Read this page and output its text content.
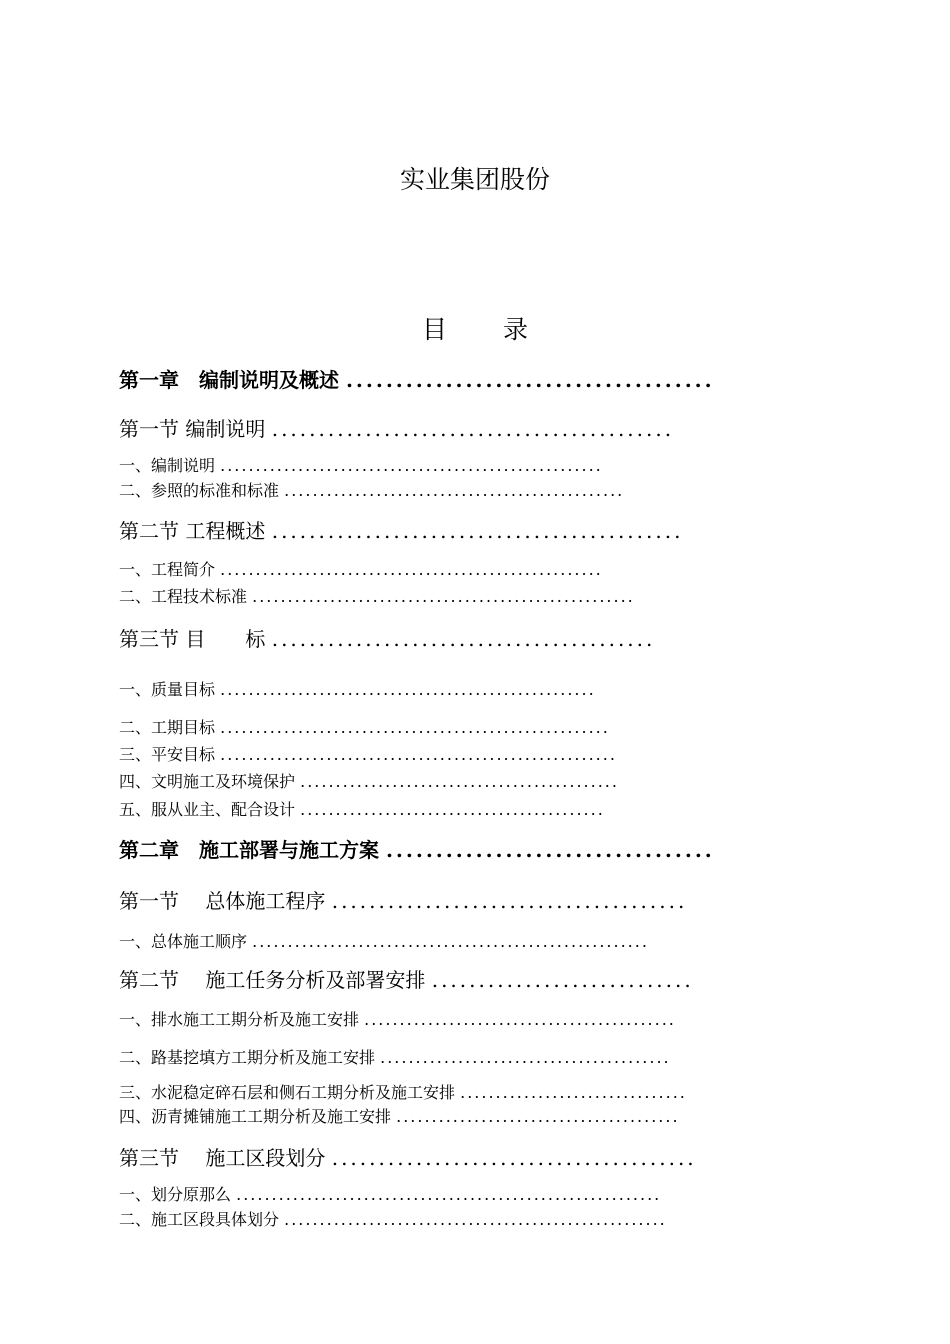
实业集团股份
目 录
第一章　编制说明及概述 .....................................
第一节 编制说明 ...........................................
一、编制说明 ......................................................
二、参照的标准和标准 ................................................
第二节 工程概述 ............................................
一、工程简介 ......................................................
二、工程技术标准 ......................................................
第三节 目　　标 .........................................
一、质量目标 .....................................................
二、工期目标 .......................................................
三、平安目标 ........................................................
四、文明施工及环境保护 .............................................
五、服从业主、配合设计 ...........................................
第二章　施工部署与施工方案 .................................
第一节　 总体施工程序 ......................................
一、总体施工顺序 ........................................................
第二节　 施工任务分析及部署安排 ............................
一、排水施工工期分析及施工安排 ............................................
二、路基挖填方工期分析及施工安排 .........................................
三、水泥稳定碎石层和侧石工期分析及施工安排 ................................
四、沥青摊铺施工工期分析及施工安排 ........................................
第三节　 施工区段划分 .......................................
一、划分原那么 ............................................................
二、施工区段具体划分 ......................................................
